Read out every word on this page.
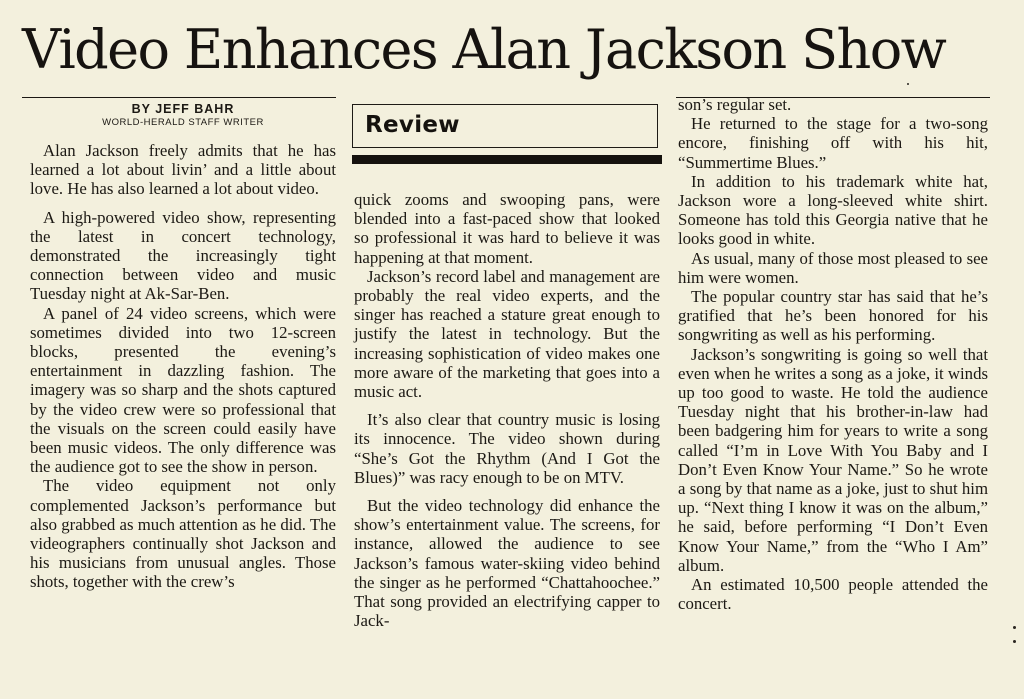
Video Enhances Alan Jackson Show
BY JEFF BAHR
WORLD-HERALD STAFF WRITER

Alan Jackson freely admits that he has learned a lot about livin’ and a little about love. He has also learned a lot about video.

A high-powered video show, representing the latest in concert technology, demonstrated the increasingly tight connection between video and music Tuesday night at Ak-Sar-Ben.

A panel of 24 video screens, which were sometimes divided into two 12-screen blocks, presented the evening’s entertainment in dazzling fashion. The imagery was so sharp and the shots captured by the video crew were so professional that the visuals on the screen could easily have been music videos. The only difference was the audience got to see the show in person.

The video equipment not only complemented Jackson’s performance but also grabbed as much attention as he did. The videographers continually shot Jackson and his musicians from unusual angles. Those shots, together with the crew’s

Review

quick zooms and swooping pans, were blended into a fast-paced show that looked so professional it was hard to believe it was happening at that moment.

Jackson’s record label and management are probably the real video experts, and the singer has reached a stature great enough to justify the latest in technology. But the increasing sophistication of video makes one more aware of the marketing that goes into a music act.

It’s also clear that country music is losing its innocence. The video shown during “She’s Got the Rhythm (And I Got the Blues)” was racy enough to be on MTV.

But the video technology did enhance the show’s entertainment value. The screens, for instance, allowed the audience to see Jackson’s famous water-skiing video behind the singer as he performed “Chattahoochee.” That song provided an electrifying capper to Jack-

son’s regular set.

He returned to the stage for a two-song encore, finishing off with his hit, “Summertime Blues.”

In addition to his trademark white hat, Jackson wore a long-sleeved white shirt. Someone has told this Georgia native that he looks good in white.

As usual, many of those most pleased to see him were women.

The popular country star has said that he’s gratified that he’s been honored for his songwriting as well as his performing.

Jackson’s songwriting is going so well that even when he writes a song as a joke, it winds up too good to waste. He told the audience Tuesday night that his brother-in-law had been badgering him for years to write a song called “I’m in Love With You Baby and I Don’t Even Know Your Name.” So he wrote a song by that name as a joke, just to shut him up. “Next thing I know it was on the album,” he said, before performing “I Don’t Even Know Your Name,” from the “Who I Am” album.

An estimated 10,500 people attended the concert.
